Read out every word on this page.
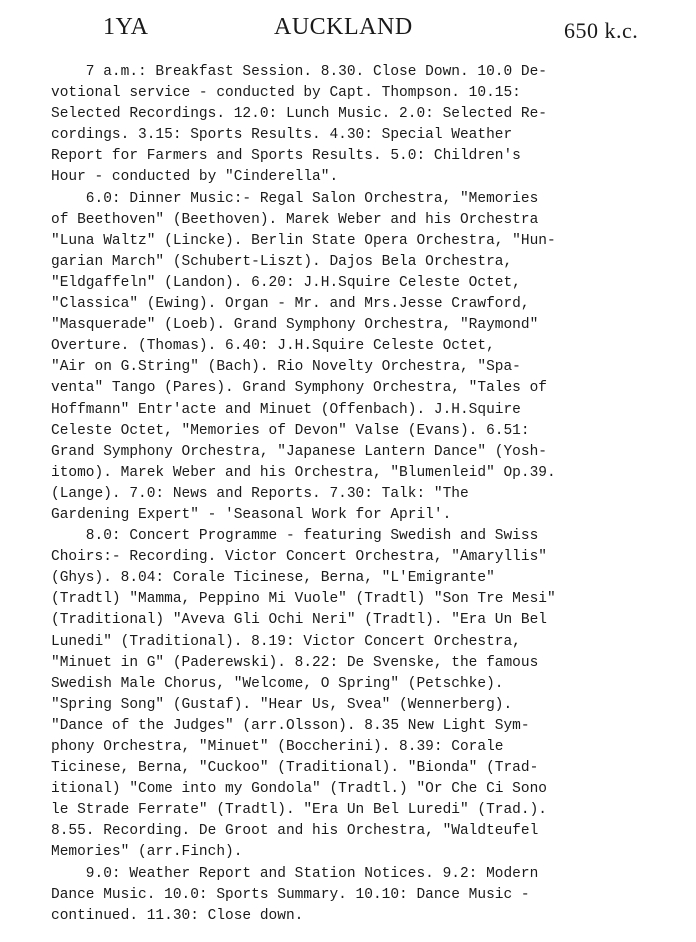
1YA	AUCKLAND	650 k.c.
7 a.m.: Breakfast Session. 8.30. Close Down. 10.0 De-
votional service - conducted by Capt. Thompson. 10.15:
Selected Recordings. 12.0: Lunch Music. 2.0: Selected Re-
cordings. 3.15: Sports Results. 4.30: Special Weather
Report for Farmers and Sports Results. 5.0: Children's
Hour - conducted by "Cinderella".
6.0: Dinner Music:- Regal Salon Orchestra, "Memories
of Beethoven" (Beethoven). Marek Weber and his Orchestra
"Luna Waltz" (Lincke). Berlin State Opera Orchestra, "Hun-
garian March" (Schubert-Liszt). Dajos Bela Orchestra,
"Eldgaffeln" (Landon). 6.20: J.H.Squire Celeste Octet,
"Classica" (Ewing). Organ - Mr. and Mrs.Jesse Crawford,
"Masquerade" (Loeb). Grand Symphony Orchestra, "Raymond"
Overture. (Thomas). 6.40: J.H.Squire Celeste Octet,
"Air on G.String" (Bach). Rio Novelty Orchestra, "Spa-
venta" Tango (Pares). Grand Symphony Orchestra, "Tales of
Hoffmann" Entr'acte and Minuet (Offenbach). J.H.Squire
Celeste Octet, "Memories of Devon" Valse (Evans). 6.51:
Grand Symphony Orchestra, "Japanese Lantern Dance" (Yosh-
itomo). Marek Weber and his Orchestra, "Blumenleid" Op.39.
(Lange). 7.0: News and Reports. 7.30: Talk: "The
Gardening Expert" - 'Seasonal Work for April'.
8.0: Concert Programme - featuring Swedish and Swiss
Choirs:- Recording. Victor Concert Orchestra, "Amaryllis"
(Ghys). 8.04: Corale Ticinese, Berna, "L'Emigrante"
(Tradtl) "Mamma, Peppino Mi Vuole" (Tradtl) "Son Tre Mesi"
(Traditional) "Aveva Gli Ochi Neri" (Tradtl). "Era Un Bel
Lunedi" (Traditional). 8.19: Victor Concert Orchestra,
"Minuet in G" (Paderewski). 8.22: De Svenske, the famous
Swedish Male Chorus, "Welcome, O Spring" (Petschke).
"Spring Song" (Gustaf). "Hear Us, Svea" (Wennerberg).
"Dance of the Judges" (arr.Olsson). 8.35 New Light Sym-
phony Orchestra, "Minuet" (Boccherini). 8.39: Corale
Ticinese, Berna, "Cuckoo" (Traditional). "Bionda" (Trad-
itional) "Come into my Gondola" (Tradtl.) "Or Che Ci Sono
le Strade Ferrate" (Tradtl). "Era Un Bel Luredi" (Trad.).
8.55. Recording. De Groot and his Orchestra, "Waldteufel
Memories" (arr.Finch).
9.0: Weather Report and Station Notices. 9.2: Modern
Dance Music. 10.0: Sports Summary. 10.10: Dance Music -
continued. 11.30: Close down.
